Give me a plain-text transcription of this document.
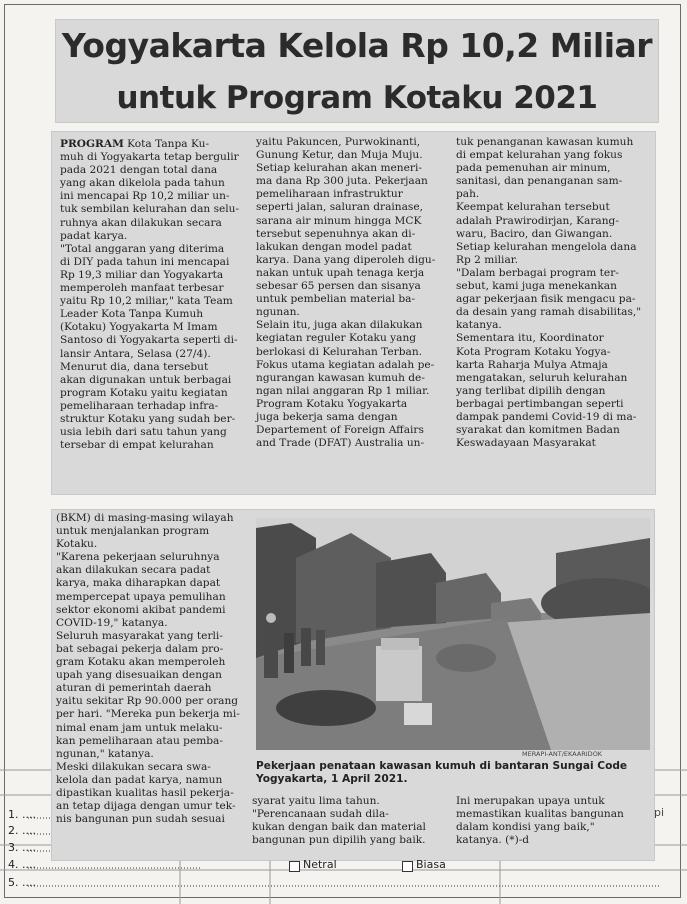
1. ....
2. ....
3. ....
4. ....
5. ....
pi
Yogyakarta Kelola Rp 10,2 Miliar
untuk Program Kotaku 2021
PROGRAM Kota Tanpa Ku-
muh di Yogyakarta tetap bergulir
pada 2021 dengan total dana
yang akan dikelola pada tahun
ini mencapai Rp 10,2 miliar un-
tuk sembilan kelurahan dan selu-
ruhnya akan dilakukan secara
padat karya.
"Total anggaran yang diterima
di DIY pada tahun ini mencapai
Rp 19,3 miliar dan Yogyakarta
memperoleh manfaat terbesar
yaitu Rp 10,2 miliar," kata Team
Leader Kota Tanpa Kumuh
(Kotaku) Yogyakarta M Imam
Santoso di Yogyakarta seperti di-
lansir Antara, Selasa (27/4).
Menurut dia, dana tersebut
akan digunakan untuk berbagai
program Kotaku yaitu kegiatan
pemeliharaan terhadap infra-
struktur Kotaku yang sudah ber-
usia lebih dari satu tahun yang
tersebar di empat kelurahan
yaitu Pakuncen, Purwokinanti,
Gunung Ketur, dan Muja Muju.
Setiap kelurahan akan meneri-
ma dana Rp 300 juta. Pekerjaan
pemeliharaan infrastruktur
seperti jalan, saluran drainase,
sarana air minum hingga MCK
tersebut sepenuhnya akan di-
lakukan dengan model padat
karya. Dana yang diperoleh digu-
nakan untuk upah tenaga kerja
sebesar 65 persen dan sisanya
untuk pembelian material ba-
ngunan.
Selain itu, juga akan dilakukan
kegiatan reguler Kotaku yang
berlokasi di Kelurahan Terban.
Fokus utama kegiatan adalah pe-
ngurangan kawasan kumuh de-
ngan nilai anggaran Rp 1 miliar.
Program Kotaku Yogyakarta
juga bekerja sama dengan
Departement of Foreign Affairs
and Trade (DFAT) Australia un-
tuk penanganan kawasan kumuh
di empat kelurahan yang fokus
pada pemenuhan air minum,
sanitasi, dan penanganan sam-
pah.
Keempat kelurahan tersebut
adalah Prawirodirjan, Karang-
waru, Baciro, dan Giwangan.
Setiap kelurahan mengelola dana
Rp 2 miliar.
"Dalam berbagai program ter-
sebut, kami juga menekankan
agar pekerjaan fisik mengacu pa-
da desain yang ramah disabilitas,"
katanya.
Sementara itu, Koordinator
Kota Program Kotaku Yogya-
karta Raharja Mulya Atmaja
mengatakan, seluruh kelurahan
yang terlibat dipilih dengan
berbagai pertimbangan seperti
dampak pandemi Covid-19 di ma-
syarakat dan komitmen Badan
Keswadayaan Masyarakat
(BKM) di masing-masing wilayah
untuk menjalankan program
Kotaku.
"Karena pekerjaan seluruhnya
akan dilakukan secara padat
karya, maka diharapkan dapat
mempercepat upaya pemulihan
sektor ekonomi akibat pandemi
COVID-19," katanya.
Seluruh masyarakat yang terli-
bat sebagai pekerja dalam pro-
gram Kotaku akan memperoleh
upah yang disesuaikan dengan
aturan di pemerintah daerah
yaitu sekitar Rp 90.000 per orang
per hari. "Mereka pun bekerja mi-
nimal enam jam untuk melaku-
kan pemeliharaan atau pemba-
ngunan," katanya.
Meski dilakukan secara swa-
kelola dan padat karya, namun
dipastikan kualitas hasil pekerja-
an tetap dijaga dengan umur tek-
nis bangunan pun sudah sesuai
MERAPI-ANT/EKAARIDOK
Pekerjaan penataan kawasan kumuh di bantaran Sungai Code
Yogyakarta, 1 April 2021.
syarat yaitu lima tahun.
"Perencanaan sudah dila-
kukan dengan baik dan material
bangunan pun dipilih yang baik.
Ini merupakan upaya untuk
memastikan kualitas bangunan
dalam kondisi yang baik,"
katanya. (*)-d
Netral	Biasa
